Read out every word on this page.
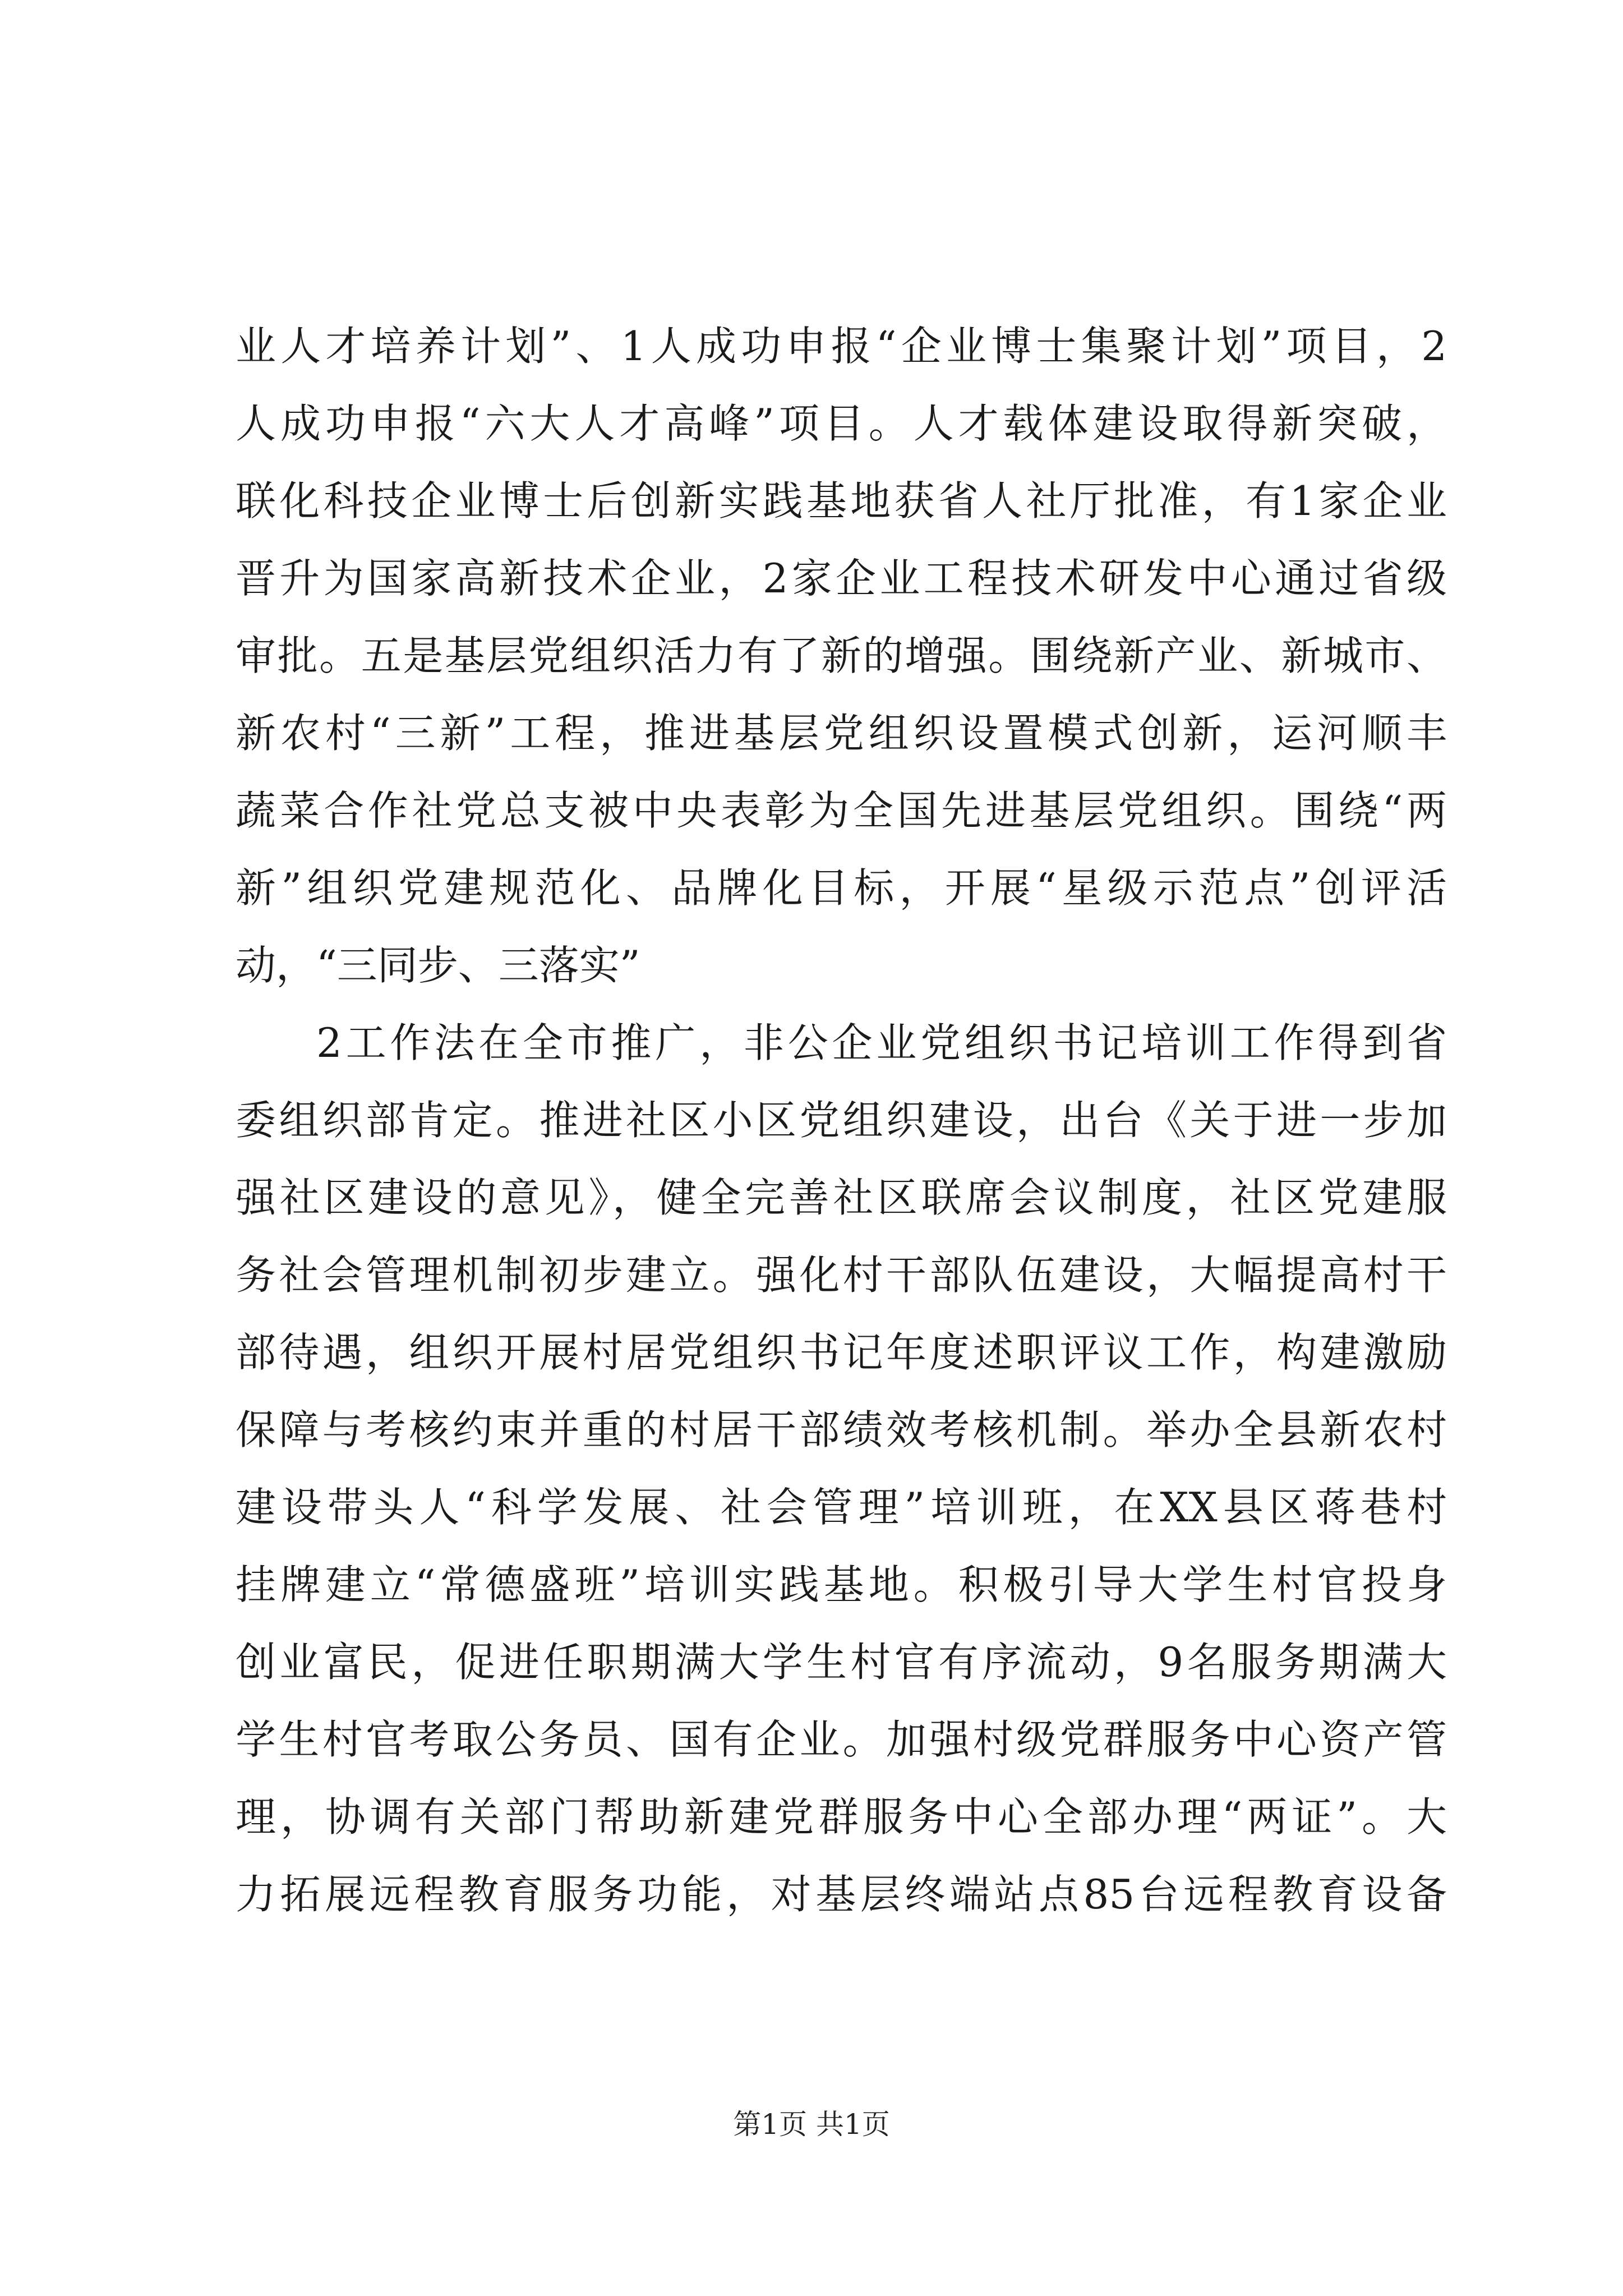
业人才培养计划”、1人成功申报“企业博士集聚计划”项目，2
人成功申报“六大人才高峰”项目。人才载体建设取得新突破，
联化科技企业博士后创新实践基地获省人社厅批准，有1家企业
晋升为国家高新技术企业，2家企业工程技术研发中心通过省级
审批。五是基层党组织活力有了新的增强。围绕新产业、新城市、
新农村“三新”工程，推进基层党组织设置模式创新，运河顺丰
蔬菜合作社党总支被中央表彰为全国先进基层党组织。围绕“两
新”组织党建规范化、品牌化目标，开展“星级示范点”创评活
动，“三同步、三落实”
2工作法在全市推广，非公企业党组织书记培训工作得到省
委组织部肯定。推进社区小区党组织建设，出台《关于进一步加
强社区建设的意见》，健全完善社区联席会议制度，社区党建服
务社会管理机制初步建立。强化村干部队伍建设，大幅提高村干
部待遇，组织开展村居党组织书记年度述职评议工作，构建激励
保障与考核约束并重的村居干部绩效考核机制。举办全县新农村
建设带头人“科学发展、社会管理”培训班，在XX县区蒋巷村
挂牌建立“常德盛班”培训实践基地。积极引导大学生村官投身
创业富民，促进任职期满大学生村官有序流动，9名服务期满大
学生村官考取公务员、国有企业。加强村级党群服务中心资产管
理，协调有关部门帮助新建党群服务中心全部办理“两证”。大
力拓展远程教育服务功能，对基层终端站点85台远程教育设备
第1页 共1页
